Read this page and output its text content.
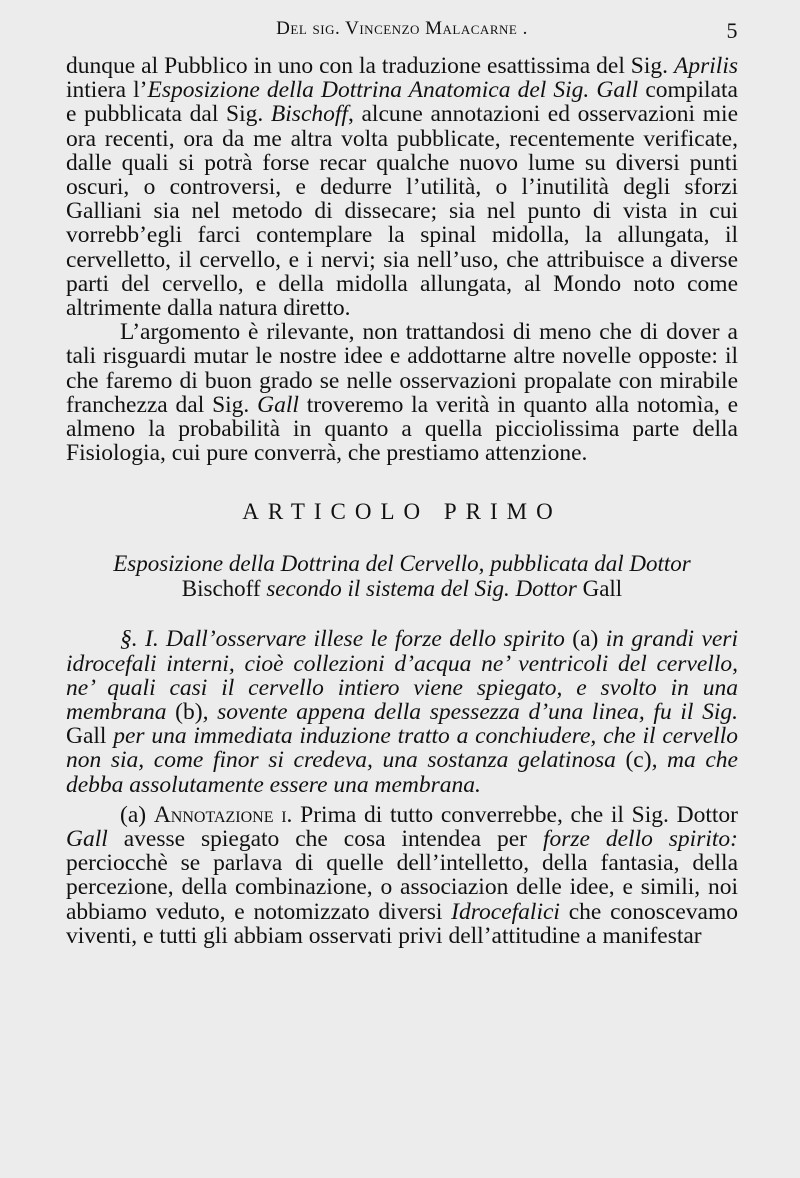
Del sig. Vincenzo Malacarne .	5

dunque al Pubblico in uno con la traduzione esattissima del Sig. Aprilis intiera l’Esposizione della Dottrina Anatomica del Sig. Gall compilata e pubblicata dal Sig. Bischoff, alcune annotazioni ed osservazioni mie ora recenti, ora da me altra volta pubblicate, recentemente verificate, dalle quali si potrà forse recar qualche nuovo lume su diversi punti oscuri, o controversi, e dedurre l’utilità, o l’inutilità degli sforzi Galliani sia nel metodo di dissecare; sia nel punto di vista in cui vorrebb’egli farci contemplare la spinal midolla, la allungata, il cervelletto, il cervello, e i nervi; sia nell’uso, che attribuisce a diverse parti del cervello, e della midolla allungata, al Mondo noto come altrimente dalla natura diretto.

L’argomento è rilevante, non trattandosi di meno che di dover a tali risguardi mutar le nostre idee e addottarne altre novelle opposte: il che faremo di buon grado se nelle osservazioni propalate con mirabile franchezza dal Sig. Gall troveremo la verità in quanto alla notomìa, e almeno la probabilità in quanto a quella picciolissima parte della Fisiologia, cui pure converrà, che prestiamo attenzione.

ARTICOLO PRIMO
Esposizione della Dottrina del Cervello, pubblicata dal Dottor
Bischoff secondo il sistema del Sig. Dottor Gall

§. I. Dall’osservare illese le forze dello spirito (a) in grandi veri idrocefali interni, cioè collezioni d’acqua ne’ ventricoli del cervello, ne’ quali casi il cervello intiero viene spiegato, e svolto in una membrana (b), sovente appena della spessezza d’una linea, fu il Sig. Gall per una immediata induzione tratto a conchiudere, che il cervello non sia, come finor si credeva, una sostanza gelatinosa (c), ma che debba assolutamente essere una membrana.

(a) Annotazione i. Prima di tutto converrebbe, che il Sig. Dottor Gall avesse spiegato che cosa intendea per forze dello spirito: perciocchè se parlava di quelle dell’intelletto, della fantasia, della percezione, della combinazione, o associazion delle idee, e simili, noi abbiamo veduto, e notomizzato diversi Idrocefalici che conoscevamo viventi, e tutti gli abbiam osservati privi dell’attitudine a manifestar
